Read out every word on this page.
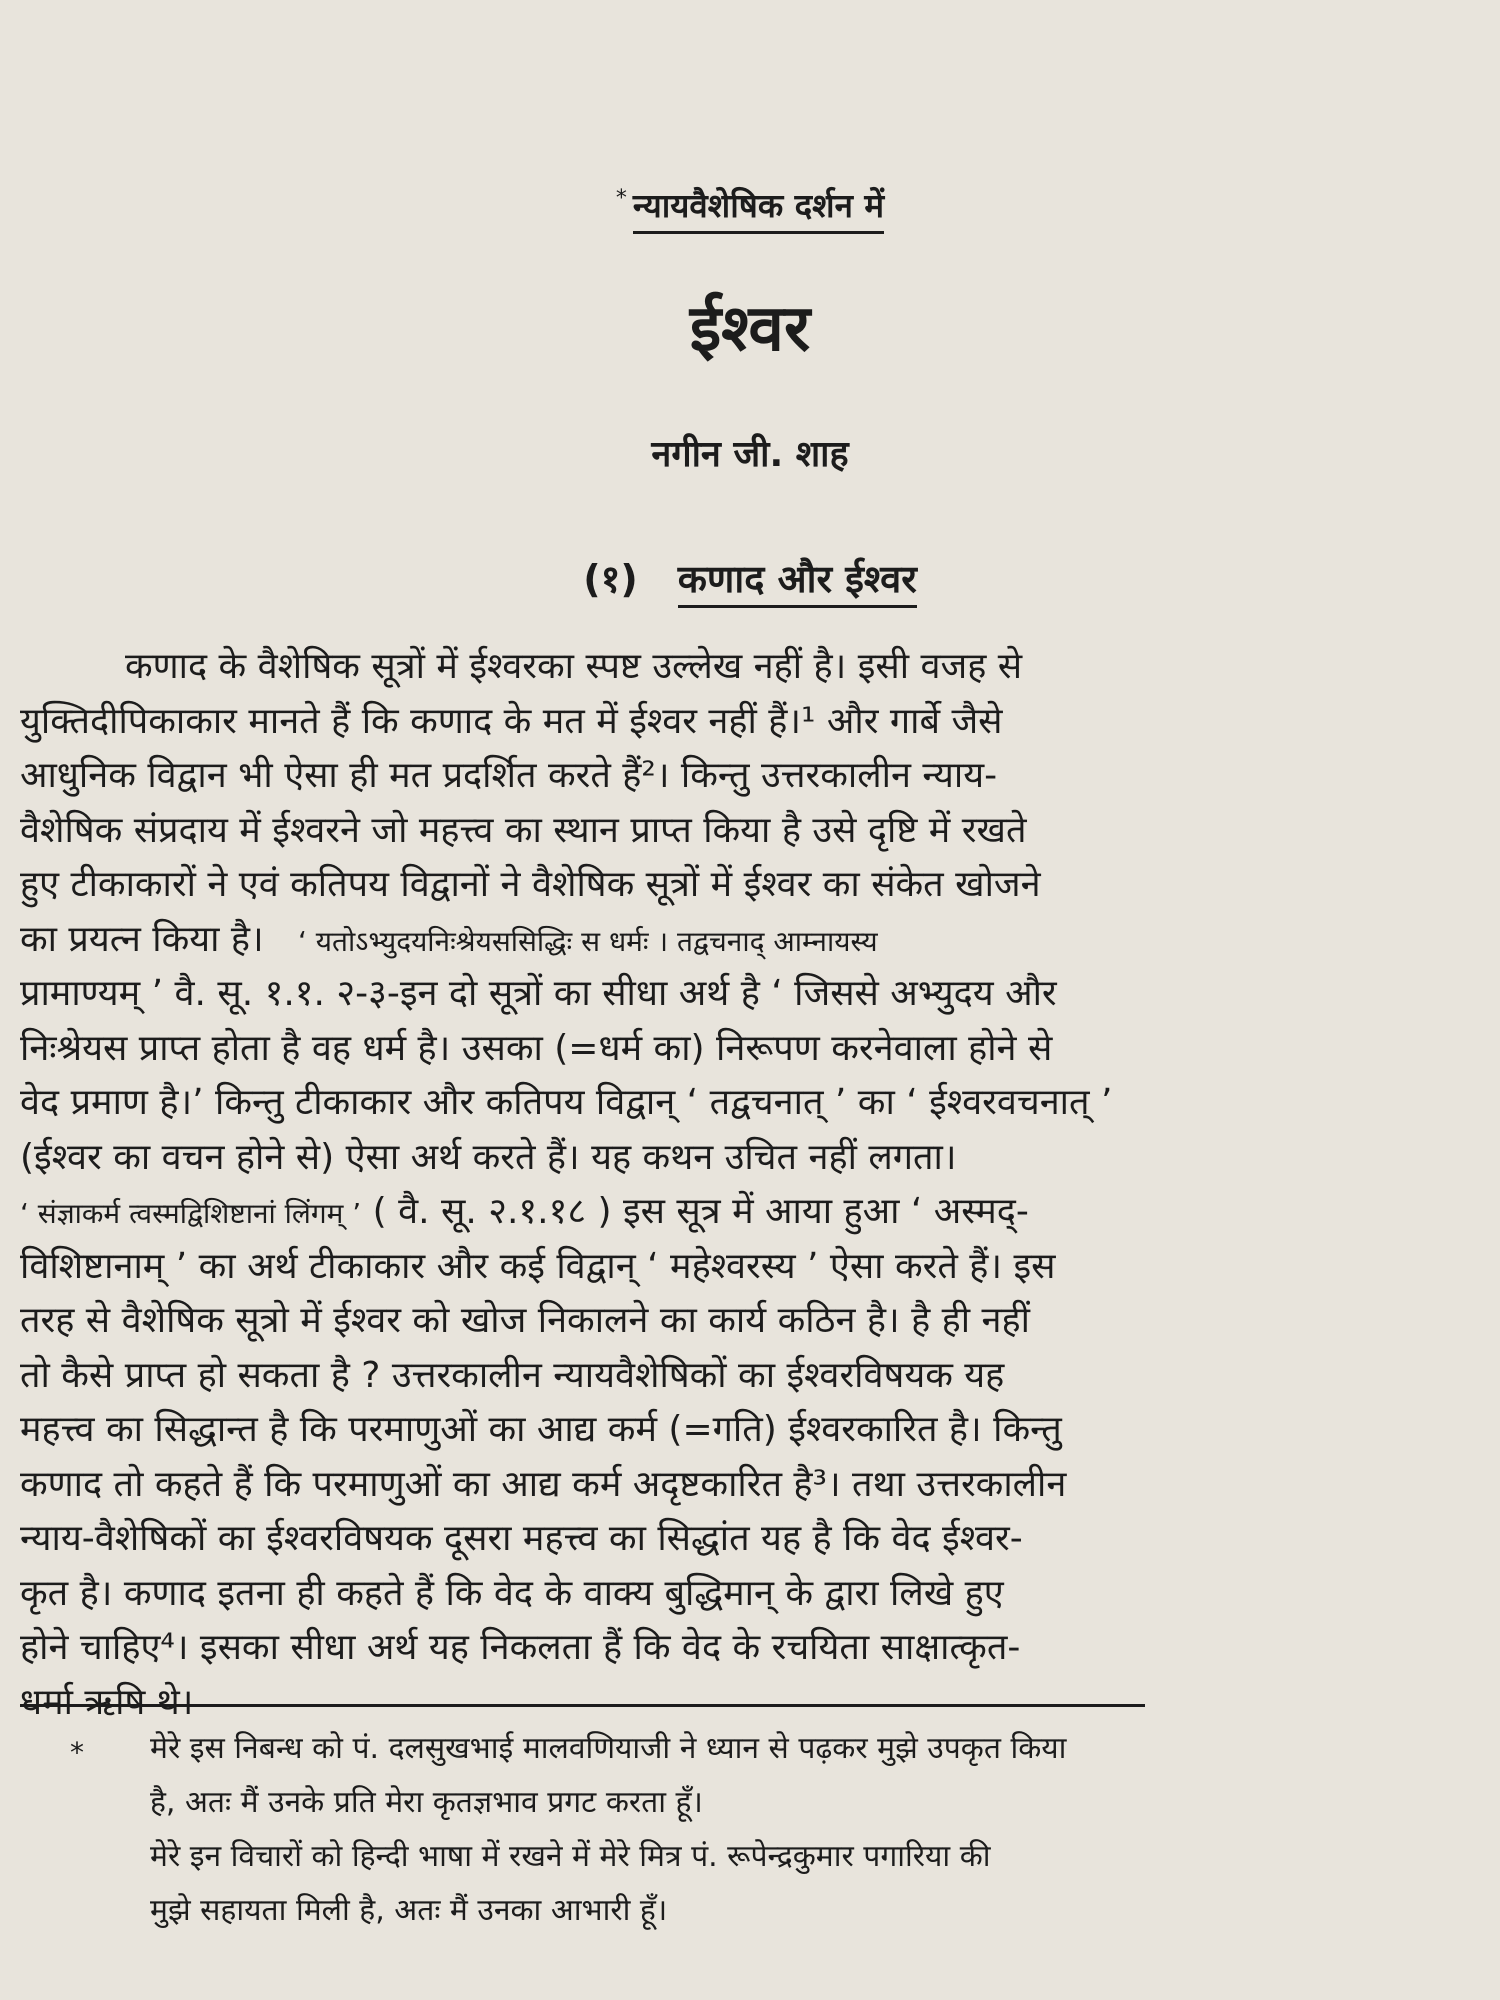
* न्यायवैशेषिक दर्शन में
ईश्वर
नगीन जी. शाह
(१) कणाद और ईश्वर
कणाद के वैशेषिक सूत्रों में ईश्वरका स्पष्ट उल्लेख नहीं है। इसी वजह से
युक्तिदीपिकाकार मानते हैं कि कणाद के मत में ईश्वर नहीं हैं।¹ और गार्बे जैसे
आधुनिक विद्वान भी ऐसा ही मत प्रदर्शित करते हैं²। किन्तु उत्तरकालीन न्याय-
वैशेषिक संप्रदाय में ईश्वरने जो महत्त्व का स्थान प्राप्त किया है उसे दृष्टि में रखते
हुए टीकाकारों ने एवं कतिपय विद्वानों ने वैशेषिक सूत्रों में ईश्वर का संकेत खोजने
का प्रयत्न किया है। ‘ यतोऽभ्युदयनिःश्रेयससिद्धिः स धर्मः । तद्वचनाद् आम्नायस्य
प्रामाण्यम् ’ वै. सू. १.१. २-३-इन दो सूत्रों का सीधा अर्थ है ‘ जिससे अभ्युदय और
निःश्रेयस प्राप्त होता है वह धर्म है। उसका (=धर्म का) निरूपण करनेवाला होने से
वेद प्रमाण है।’ किन्तु टीकाकार और कतिपय विद्वान् ‘ तद्वचनात् ’ का ‘ ईश्वरवचनात् ’
(ईश्वर का वचन होने से) ऐसा अर्थ करते हैं। यह कथन उचित नहीं लगता।
‘ संज्ञाकर्म त्वस्मद्विशिष्टानां लिंगम् ’ ( वै. सू. २.१.१८ ) इस सूत्र में आया हुआ ‘ अस्मद्-
विशिष्टानाम् ’ का अर्थ टीकाकार और कई विद्वान् ‘ महेश्वरस्य ’ ऐसा करते हैं। इस
तरह से वैशेषिक सूत्रो में ईश्वर को खोज निकालने का कार्य कठिन है। है ही नहीं
तो कैसे प्राप्त हो सकता है ? उत्तरकालीन न्यायवैशेषिकों का ईश्वरविषयक यह
महत्त्व का सिद्धान्त है कि परमाणुओं का आद्य कर्म (=गति) ईश्वरकारित है। किन्तु
कणाद तो कहते हैं कि परमाणुओं का आद्य कर्म अदृष्टकारित है³। तथा उत्तरकालीन
न्याय-वैशेषिकों का ईश्वरविषयक दूसरा महत्त्व का सिद्धांत यह है कि वेद ईश्वर-
कृत है। कणाद इतना ही कहते हैं कि वेद के वाक्य बुद्धिमान् के द्वारा लिखे हुए
होने चाहिए⁴। इसका सीधा अर्थ यह निकलता हैं कि वेद के रचयिता साक्षात्कृत-
धर्मा ऋषि थे।
* मेरे इस निबन्ध को पं. दलसुखभाई मालवणियाजी ने ध्यान से पढ़कर मुझे उपकृत किया
है, अतः मैं उनके प्रति मेरा कृतज्ञभाव प्रगट करता हूँ।
मेरे इन विचारों को हिन्दी भाषा में रखने में मेरे मित्र पं. रूपेन्द्रकुमार पगारिया की
मुझे सहायता मिली है, अतः मैं उनका आभारी हूँ।
